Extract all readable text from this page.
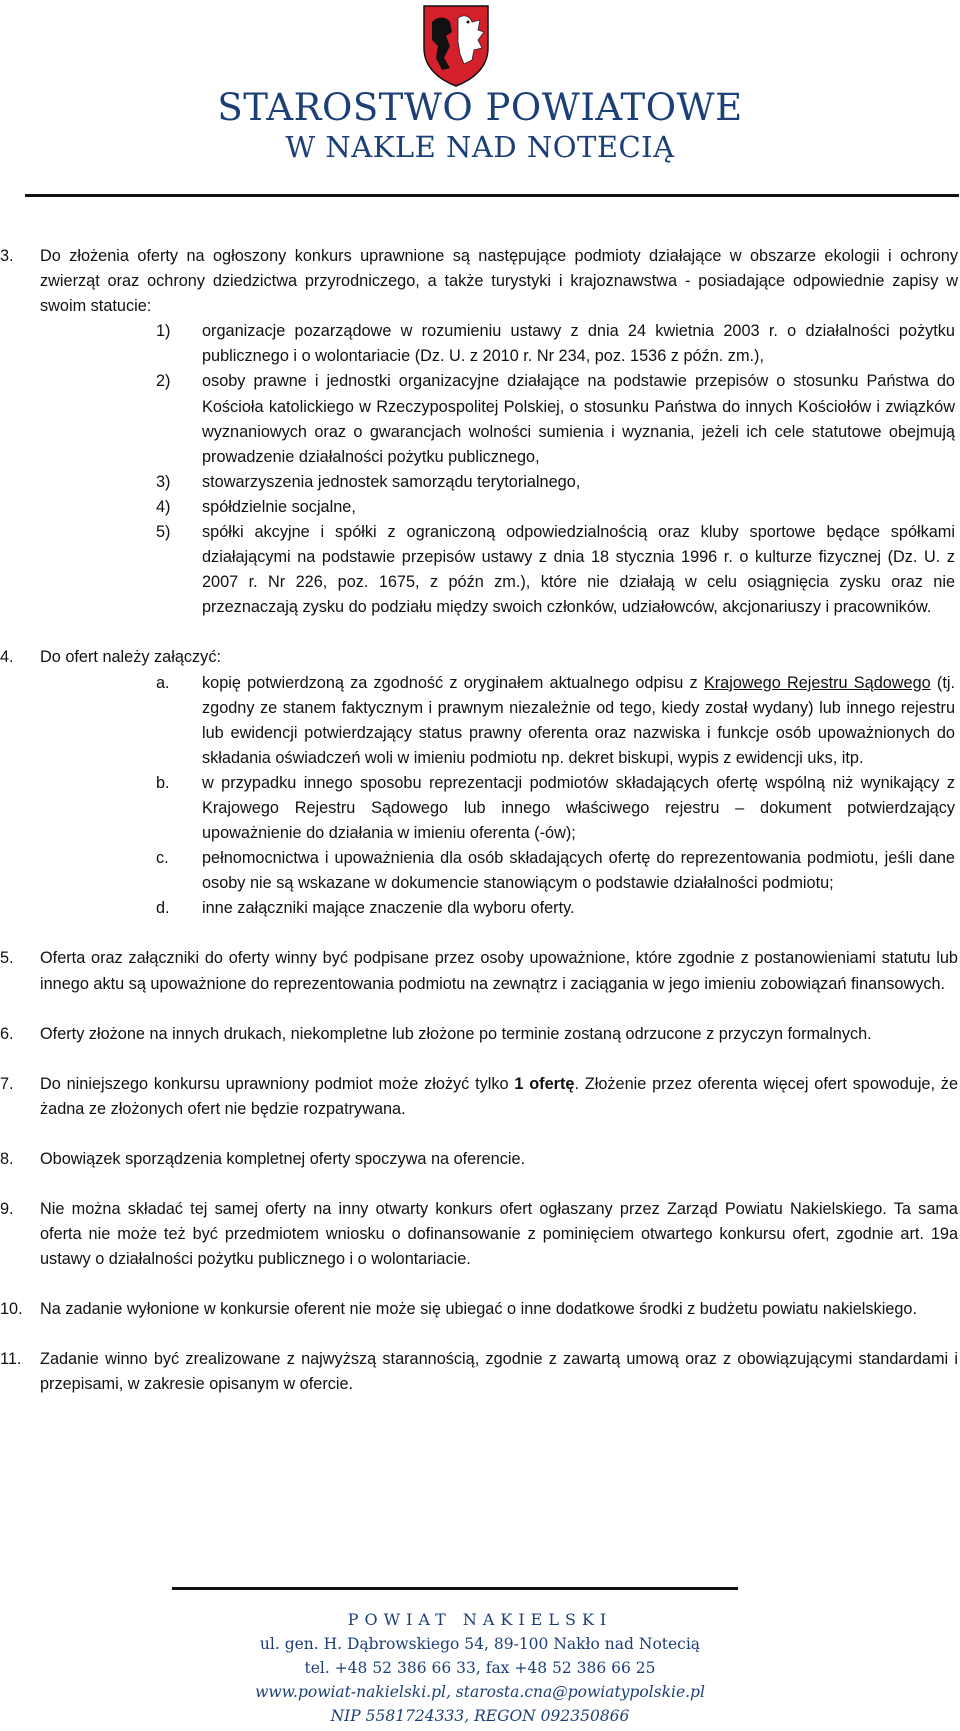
STAROSTWO POWIATOWE
W NAKLE NAD NOTECIĄ
3.	Do złożenia oferty na ogłoszony konkurs uprawnione są następujące podmioty działające w obszarze ekologii i ochrony zwierząt oraz ochrony dziedzictwa przyrodniczego, a także turystyki i krajoznawstwa - posiadające odpowiednie zapisy w swoim statucie:
1) organizacje pozarządowe w rozumieniu ustawy z dnia 24 kwietnia 2003 r. o działalności pożytku publicznego i o wolontariacie (Dz. U. z 2010 r. Nr 234, poz. 1536 z późn. zm.),
2) osoby prawne i jednostki organizacyjne działające na podstawie przepisów o stosunku Państwa do Kościoła katolickiego w Rzeczypospolitej Polskiej, o stosunku Państwa do innych Kościołów i związków wyznaniowych oraz o gwarancjach wolności sumienia i wyznania, jeżeli ich cele statutowe obejmują prowadzenie działalności pożytku publicznego,
3) stowarzyszenia jednostek samorządu terytorialnego,
4) spółdzielnie socjalne,
5) spółki akcyjne i spółki z ograniczoną odpowiedzialnością oraz kluby sportowe będące spółkami działającymi na podstawie przepisów ustawy z dnia 18 stycznia 1996 r. o kulturze fizycznej (Dz. U. z 2007 r. Nr 226, poz. 1675, z późn zm.), które nie działają w celu osiągnięcia zysku oraz nie przeznaczają zysku do podziału między swoich członków, udziałowców, akcjonariuszy i pracowników.
4.	Do ofert należy załączyć:
a. kopię potwierdzoną za zgodność z oryginałem aktualnego odpisu z Krajowego Rejestru Sądowego (tj. zgodny ze stanem faktycznym i prawnym niezależnie od tego, kiedy został wydany) lub innego rejestru lub ewidencji potwierdzający status prawny oferenta oraz nazwiska i funkcje osób upoważnionych do składania oświadczeń woli w imieniu podmiotu np. dekret biskupi, wypis z ewidencji uks, itp.
b. w przypadku innego sposobu reprezentacji podmiotów składających ofertę wspólną niż wynikający z Krajowego Rejestru Sądowego lub innego właściwego rejestru – dokument potwierdzający upoważnienie do działania w imieniu oferenta (-ów);
c. pełnomocnictwa i upoważnienia dla osób składających ofertę do reprezentowania podmiotu, jeśli dane osoby nie są wskazane w dokumencie stanowiącym o podstawie działalności podmiotu;
d. inne załączniki mające znaczenie dla wyboru oferty.
5.	Oferta oraz załączniki do oferty winny być podpisane przez osoby upoważnione, które zgodnie z postanowieniami statutu lub innego aktu są upoważnione do reprezentowania podmiotu na zewnątrz i zaciągania w jego imieniu zobowiązań finansowych.
6.	Oferty złożone na innych drukach, niekompletne lub złożone po terminie zostaną odrzucone z przyczyn formalnych.
7.	Do niniejszego konkursu uprawniony podmiot może złożyć tylko 1 ofertę. Złożenie przez oferenta więcej ofert spowoduje, że żadna ze złożonych ofert nie będzie rozpatrywana.
8.	Obowiązek sporządzenia kompletnej oferty spoczywa na oferencie.
9.	Nie można składać tej samej oferty na inny otwarty konkurs ofert ogłaszany przez Zarząd Powiatu Nakielskiego. Ta sama oferta nie może też być przedmiotem wniosku o dofinansowanie z pominięciem otwartego konkursu ofert, zgodnie art. 19a ustawy o działalności pożytku publicznego i o wolontariacie.
10.	Na zadanie wyłonione w konkursie oferent nie może się ubiegać o inne dodatkowe środki z budżetu powiatu nakielskiego.
11.	Zadanie winno być zrealizowane z najwyższą starannością, zgodnie z zawartą umową oraz z obowiązującymi standardami i przepisami, w zakresie opisanym w ofercie.
POWIAT NAKIELSKI
ul. gen. H. Dąbrowskiego 54, 89-100 Nakło nad Notecią
tel. +48 52 386 66 33, fax +48 52 386 66 25
www.powiat-nakielski.pl, starosta.cna@powiatypolskie.pl
NIP 5581724333, REGON 092350866
